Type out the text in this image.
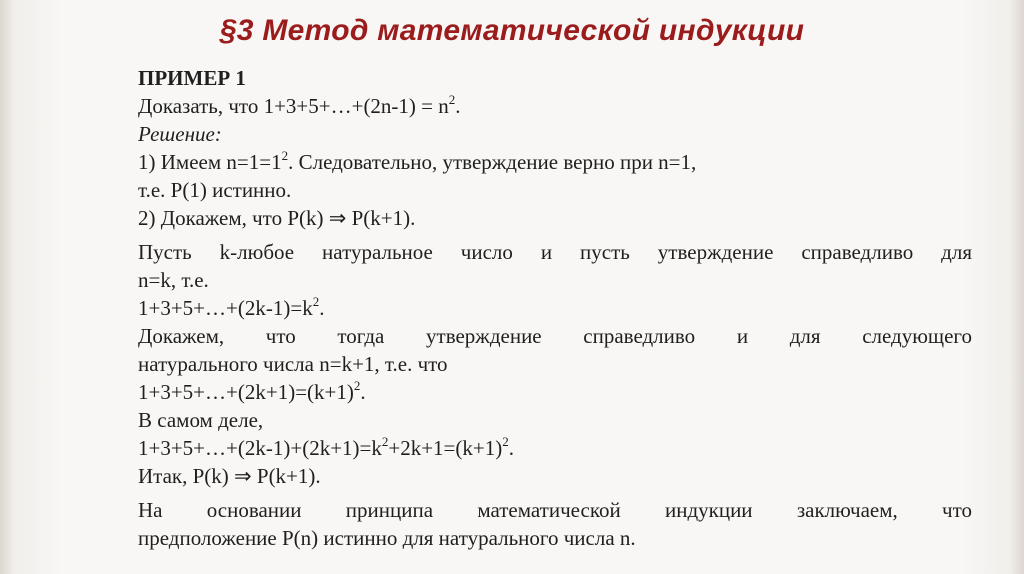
§3 Метод математической индукции
ПРИМЕР 1
Доказать, что 1+3+5+…+(2n-1) = $n^2$.
Решение:
1) Имеем $n=1=1^2$. Следовательно, утверждение верно при n=1,
т.е. P(1) истинно.
2) Докажем, что P(k) ⇒ P(k+1).
Пусть k-любое натуральное число и пусть утверждение справедливо для
n=k, т.е.
$1+3+5+\dots+(2k-1)=k^2$.
Докажем, что тогда утверждение справедливо и для следующего
натурального числа n=k+1, т.е. что
$1+3+5+\dots+(2k+1)=(k+1)^2$.
В самом деле,
$1+3+5+\dots+(2k-1)+(2k+1)=k^2+2k+1=(k+1)^2$.
Итак, P(k) ⇒ P(k+1).
На основании принципа математической индукции заключаем, что
предположение P(n) истинно для натурального числа n.
